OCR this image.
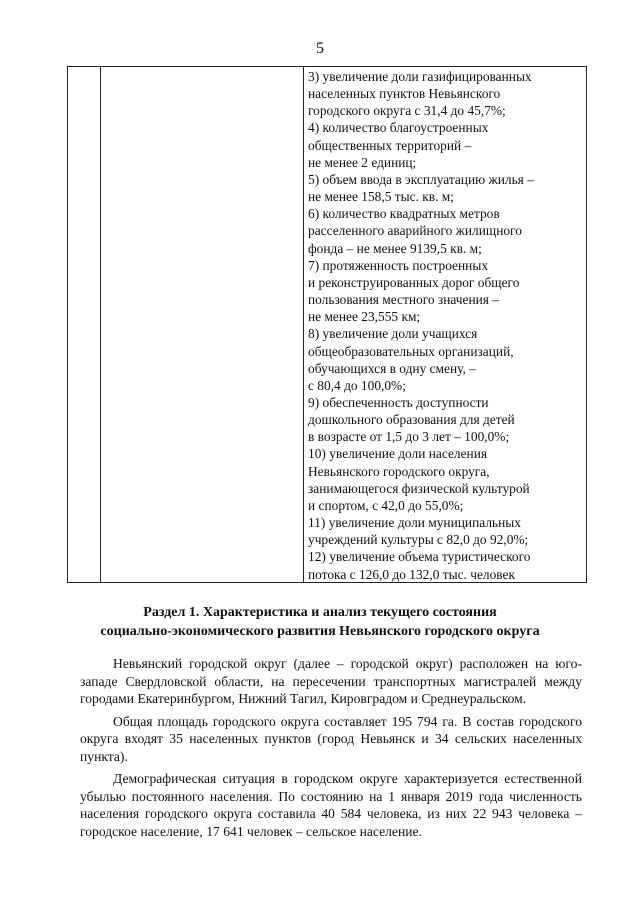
5
3) увеличение доли газифицированных
населенных пунктов Невьянского
городского округа с 31,4 до 45,7%;
4) количество благоустроенных
общественных территорий –
не менее 2 единиц;
5) объем ввода в эксплуатацию жилья –
не менее 158,5 тыс. кв. м;
6) количество квадратных метров
расселенного аварийного жилищного
фонда – не менее 9139,5 кв. м;
7) протяженность построенных
и реконструированных дорог общего
пользования местного значения –
не менее 23,555 км;
8) увеличение доли учащихся
общеобразовательных организаций,
обучающихся в одну смену, –
с 80,4 до 100,0%;
9) обеспеченность доступности
дошкольного образования для детей
в возрасте от 1,5 до 3 лет – 100,0%;
10) увеличение доли населения
Невьянского городского округа,
занимающегося физической культурой
и спортом, с 42,0 до 55,0%;
11) увеличение доли муниципальных
учреждений культуры с 82,0 до 92,0%;
12) увеличение объема туристического
потока с 126,0 до 132,0 тыс. человек
Раздел 1. Характеристика и анализ текущего состояния
социально-экономического развития Невьянского городского округа

Невьянский городской округ (далее – городской округ) расположен на юго-западе Свердловской области, на пересечении транспортных магистралей между городами Екатеринбургом, Нижний Тагил, Кировградом и Среднеуральском.

Общая площадь городского округа составляет 195 794 га. В состав городского округа входят 35 населенных пунктов (город Невьянск и 34 сельских населенных пункта).

Демографическая ситуация в городском округе характеризуется естественной убылью постоянного населения. По состоянию на 1 января 2019 года численность населения городского округа составила 40 584 человека, из них 22 943 человека – городское население, 17 641 человек – сельское население.
